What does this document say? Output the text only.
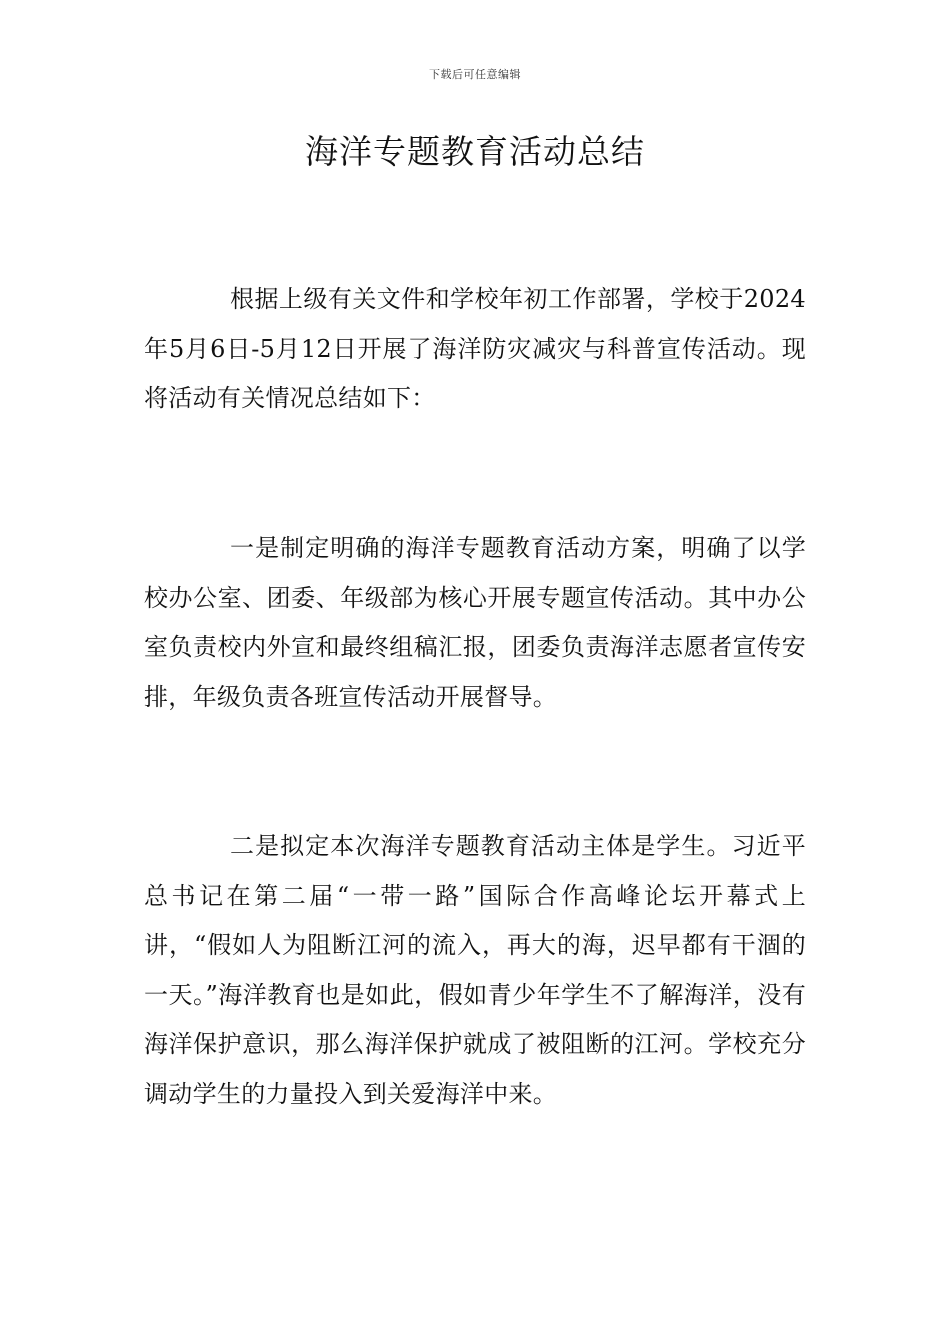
下载后可任意编辑
海洋专题教育活动总结

根据上级有关文件和学校年初工作部署，学校于2024年5月6日-5月12日开展了海洋防灾减灾与科普宣传活动。现将活动有关情况总结如下：

一是制定明确的海洋专题教育活动方案，明确了以学校办公室、团委、年级部为核心开展专题宣传活动。其中办公室负责校内外宣和最终组稿汇报，团委负责海洋志愿者宣传安排，年级负责各班宣传活动开展督导。

二是拟定本次海洋专题教育活动主体是学生。习近平总书记在第二届“一带一路”国际合作高峰论坛开幕式上讲，“假如人为阻断江河的流入，再大的海，迟早都有干涸的一天。”海洋教育也是如此，假如青少年学生不了解海洋，没有海洋保护意识，那么海洋保护就成了被阻断的江河。学校充分调动学生的力量投入到关爱海洋中来。
